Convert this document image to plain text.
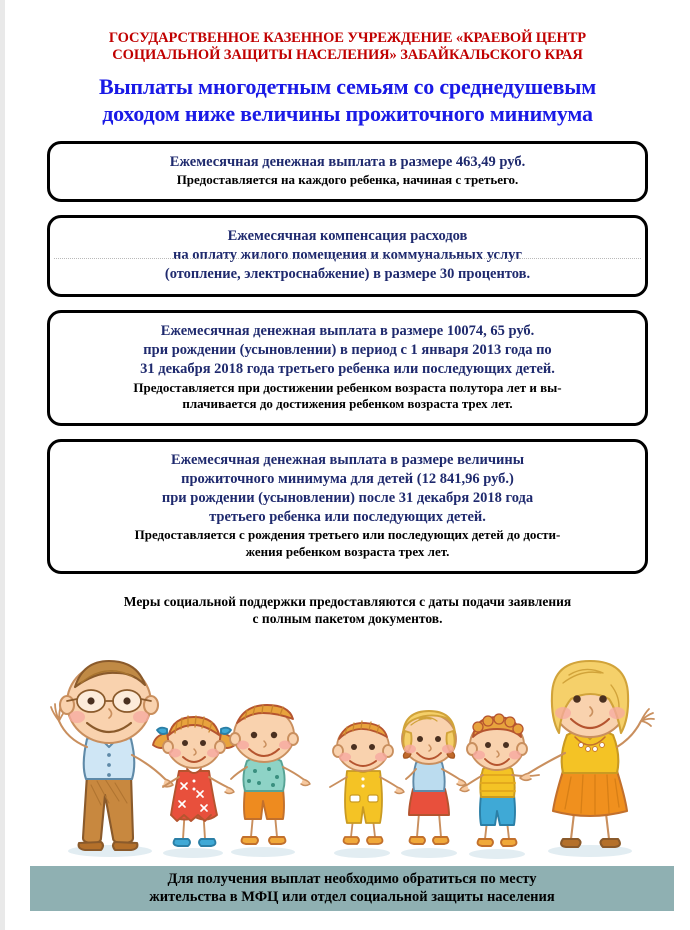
ГОСУДАРСТВЕННОЕ КАЗЕННОЕ УЧРЕЖДЕНИЕ «КРАЕВОЙ ЦЕНТР
СОЦИАЛЬНОЙ ЗАЩИТЫ НАСЕЛЕНИЯ» ЗАБАЙКАЛЬСКОГО КРАЯ
Выплаты многодетным семьям со среднедушевым
доходом ниже величины прожиточного минимума
Ежемесячная денежная выплата в размере 463,49 руб.
Предоставляется на каждого ребенка, начиная с третьего.
Ежемесячная компенсация расходов
на оплату жилого помещения и коммунальных услуг
(отопление, электроснабжение) в размере 30 процентов.
Ежемесячная денежная выплата в размере 10074, 65 руб.
при рождении (усыновлении) в период с 1 января 2013 года по
31 декабря 2018 года третьего ребенка или последующих детей.
Предоставляется при достижении ребенком возраста полутора лет и вы-
плачивается до достижения ребенком возраста трех лет.
Ежемесячная денежная выплата в размере величины
прожиточного минимума для детей (12 841,96 руб.)
при рождении (усыновлении) после 31 декабря 2018 года
третьего ребенка или последующих детей.
Предоставляется с рождения третьего или последующих детей до дости-
жения ребенком возраста трех лет.
Меры социальной поддержки предоставляются с даты подачи заявления
с полным пакетом документов.
Для получения выплат необходимо обратиться по месту
жительства в МФЦ или отдел социальной защиты населения
